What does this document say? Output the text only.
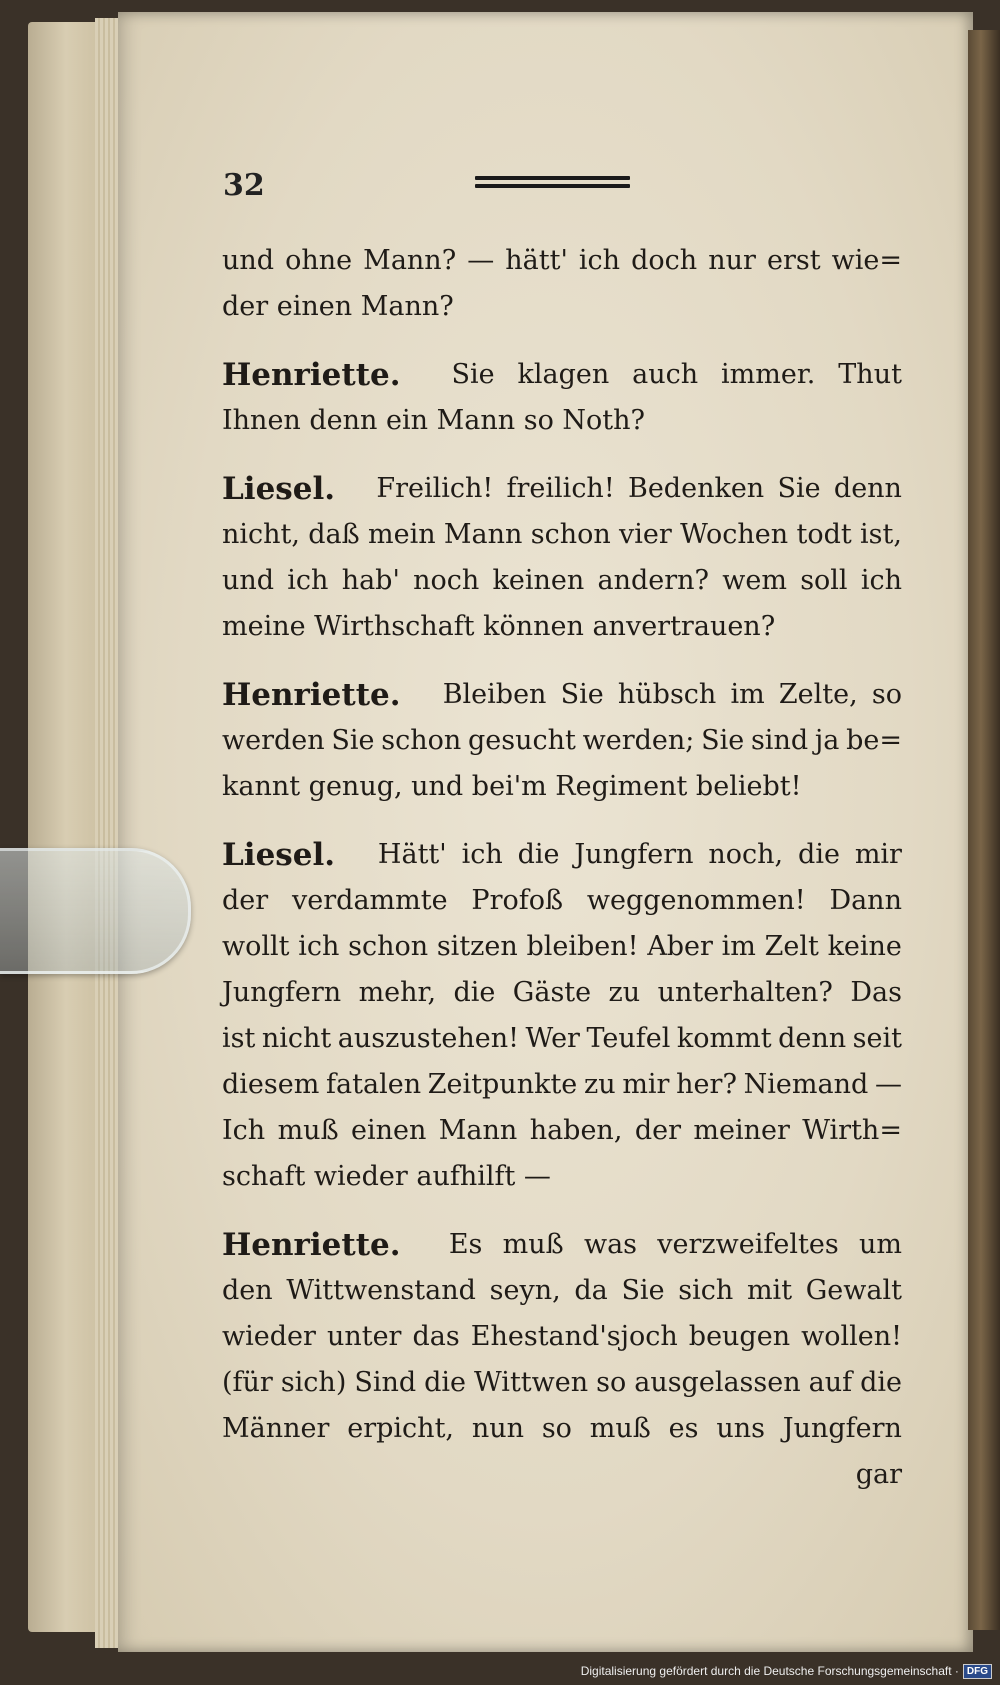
32
und ohne Mann? — hätt' ich doch nur erst wie=
der einen Mann?
Henriette. Sie klagen auch immer. Thut
Ihnen denn ein Mann so Noth?
Liesel. Freilich! freilich! Bedenken Sie denn
nicht, daß mein Mann schon vier Wochen todt ist,
und ich hab' noch keinen andern? wem soll ich
meine Wirthschaft können anvertrauen?
Henriette. Bleiben Sie hübsch im Zelte, so
werden Sie schon gesucht werden; Sie sind ja be=
kannt genug, und bei'm Regiment beliebt!
Liesel. Hätt' ich die Jungfern noch, die mir
der verdammte Profoß weggenommen! Dann
wollt ich schon sitzen bleiben! Aber im Zelt keine
Jungfern mehr, die Gäste zu unterhalten? Das
ist nicht auszustehen! Wer Teufel kommt denn seit
diesem fatalen Zeitpunkte zu mir her? Niemand —
Ich muß einen Mann haben, der meiner Wirth=
schaft wieder aufhilft —
Henriette. Es muß was verzweifeltes um
den Wittwenstand seyn, da Sie sich mit Gewalt
wieder unter das Ehestand'sjoch beugen wollen!
(für sich) Sind die Wittwen so ausgelassen auf die
Männer erpicht, nun so muß es uns Jungfern
gar
Digitalisierung gefördert durch die Deutsche Forschungsgemeinschaft · DFG
